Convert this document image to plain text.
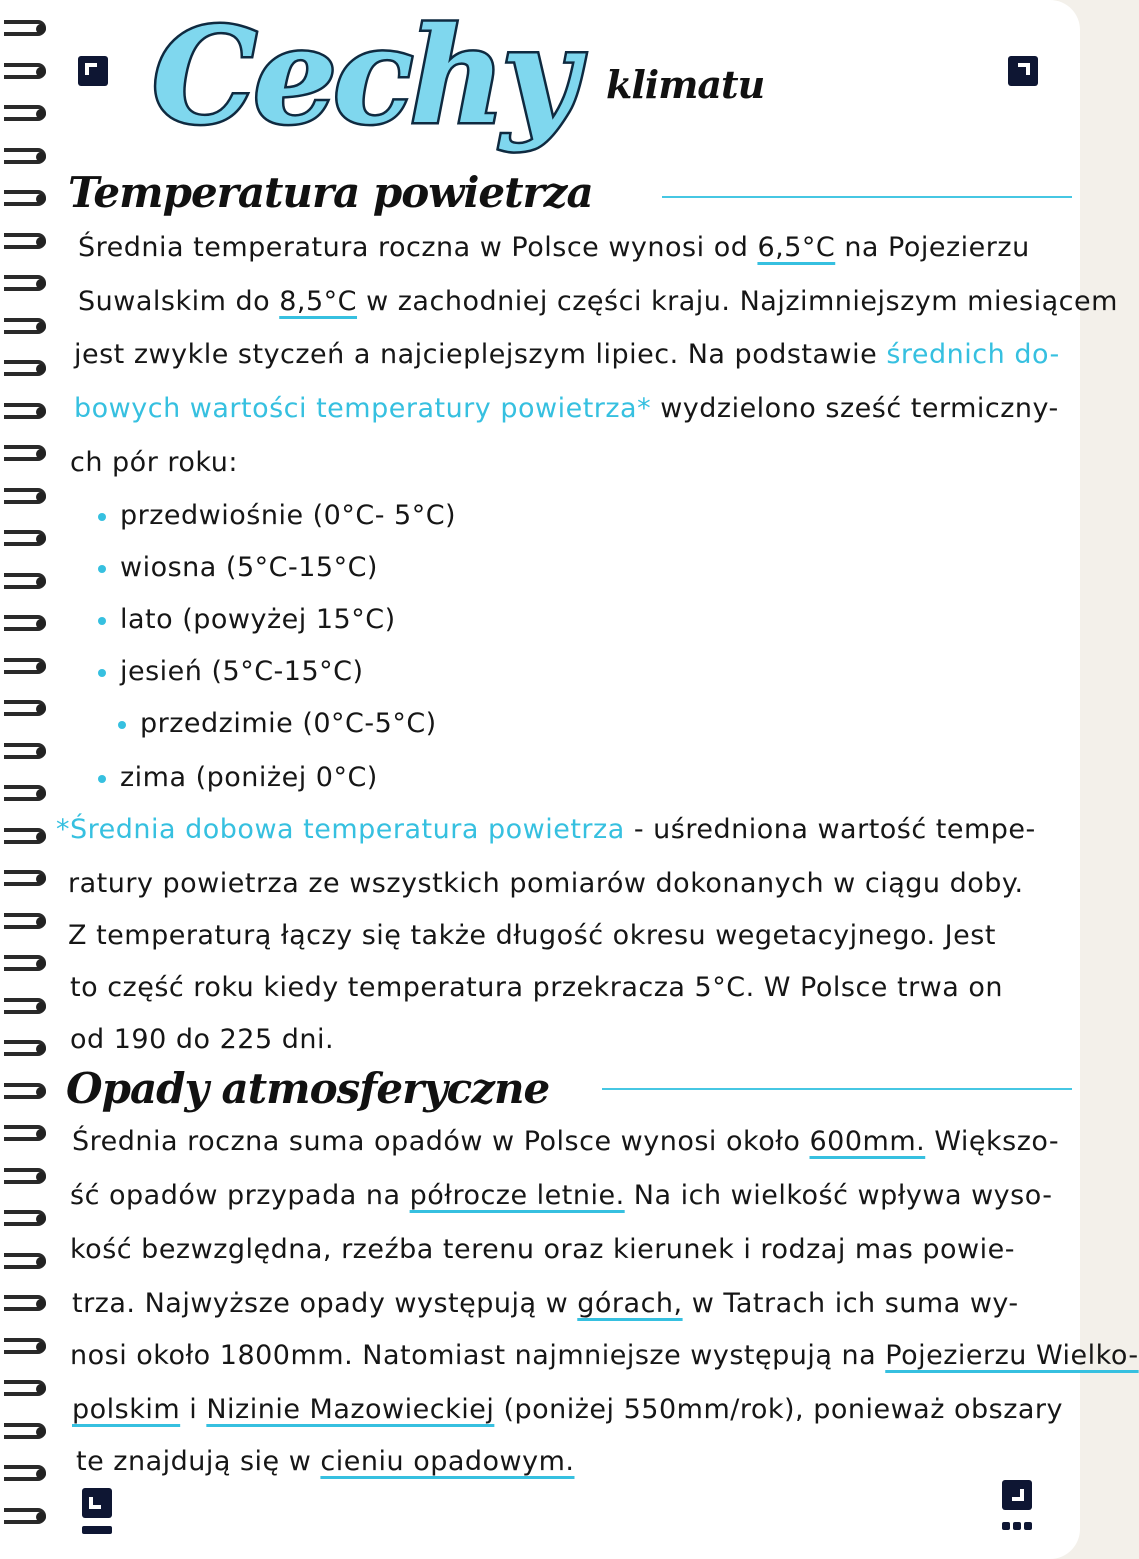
Cechy klimatu
Temperatura powietrza
Średnia temperatura roczna w Polsce wynosi od 6,5°C na Pojezierzu
Suwalskim do 8,5°C w zachodniej części kraju. Najzimniejszym miesiącem
jest zwykle styczeń a najcieplejszym lipiec. Na podstawie średnich do-
bowych wartości temperatury powietrza* wydzielono sześć termiczny-
ch pór roku:
przedwiośnie (0°C- 5°C)
wiosna (5°C-15°C)
lato (powyżej 15°C)
jesień (5°C-15°C)
przedzimie (0°C-5°C)
zima (poniżej 0°C)
*Średnia dobowa temperatura powietrza - uśredniona wartość tempe-
ratury powietrza ze wszystkich pomiarów dokonanych w ciągu doby.
Z temperaturą łączy się także długość okresu wegetacyjnego. Jest
to część roku kiedy temperatura przekracza 5°C. W Polsce trwa on
od 190 do 225 dni.
Opady atmosferyczne
Średnia roczna suma opadów w Polsce wynosi około 600mm. Większo-
ść opadów przypada na półrocze letnie. Na ich wielkość wpływa wyso-
kość bezwzględna, rzeźba terenu oraz kierunek i rodzaj mas powie-
trza. Najwyższe opady występują w górach, w Tatrach ich suma wy-
nosi około 1800mm. Natomiast najmniejsze występują na Pojezierzu Wielko-
polskim i Nizinie Mazowieckiej (poniżej 550mm/rok), ponieważ obszary
te znajdują się w cieniu opadowym.
